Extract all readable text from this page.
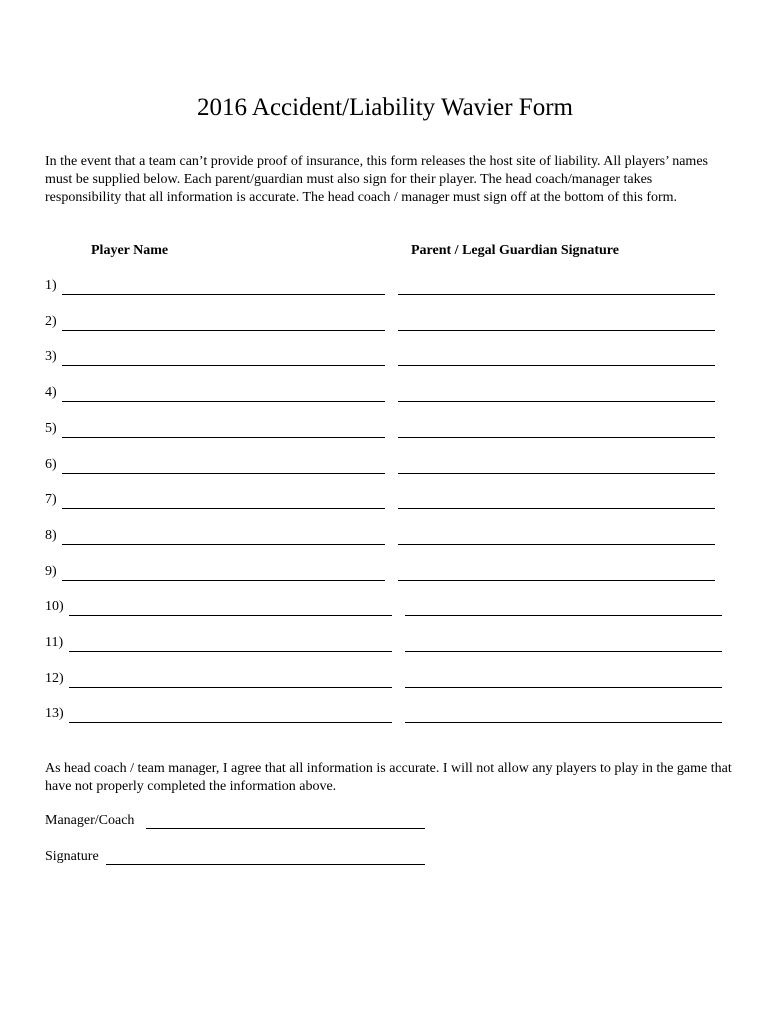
2016 Accident/Liability Wavier Form
In the event that a team can’t provide proof of insurance, this form releases the host site of liability. All players’ names must be supplied below. Each parent/guardian must also sign for their player. The head coach/manager takes responsibility that all information is accurate. The head coach / manager must sign off at the bottom of this form.
Player Name	Parent / Legal Guardian Signature
1)
2)
3)
4)
5)
6)
7)
8)
9)
10)
11)
12)
13)
As head coach / team manager, I agree that all information is accurate. I will not allow any players to play in the game that have not properly completed the information above.
Manager/Coach
Signature
